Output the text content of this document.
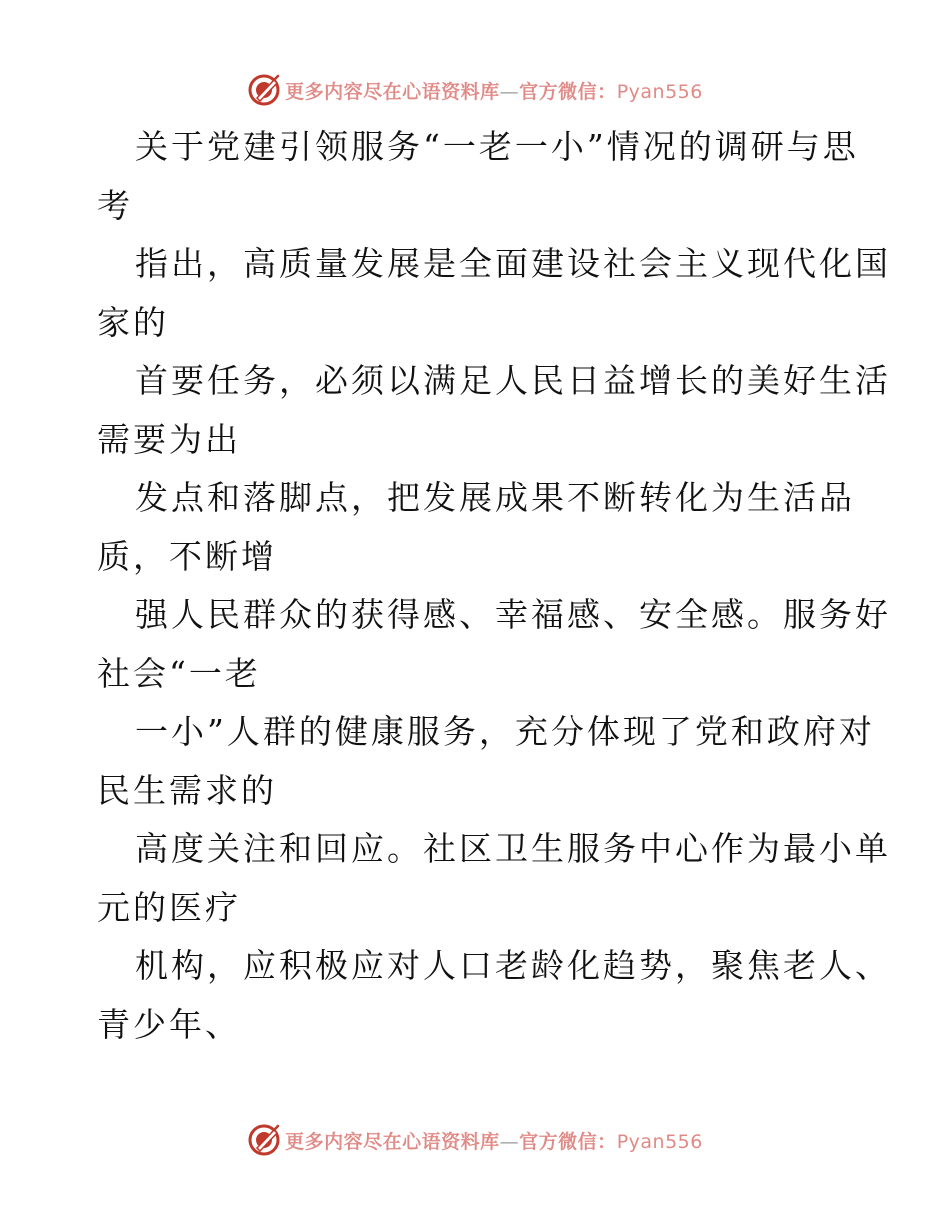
更多内容尽在心语资料库—官方微信：Pyan556
关于党建引领服务“一老一小”情况的调研与思
考
指出，高质量发展是全面建设社会主义现代化国
家的
首要任务，必须以满足人民日益增长的美好生活
需要为出
发点和落脚点，把发展成果不断转化为生活品
质，不断增
强人民群众的获得感、幸福感、安全感。服务好
社会“一老
一小”人群的健康服务，充分体现了党和政府对
民生需求的
高度关注和回应。社区卫生服务中心作为最小单
元的医疗
机构，应积极应对人口老龄化趋势，聚焦老人、
青少年、
更多内容尽在心语资料库—官方微信：Pyan556
